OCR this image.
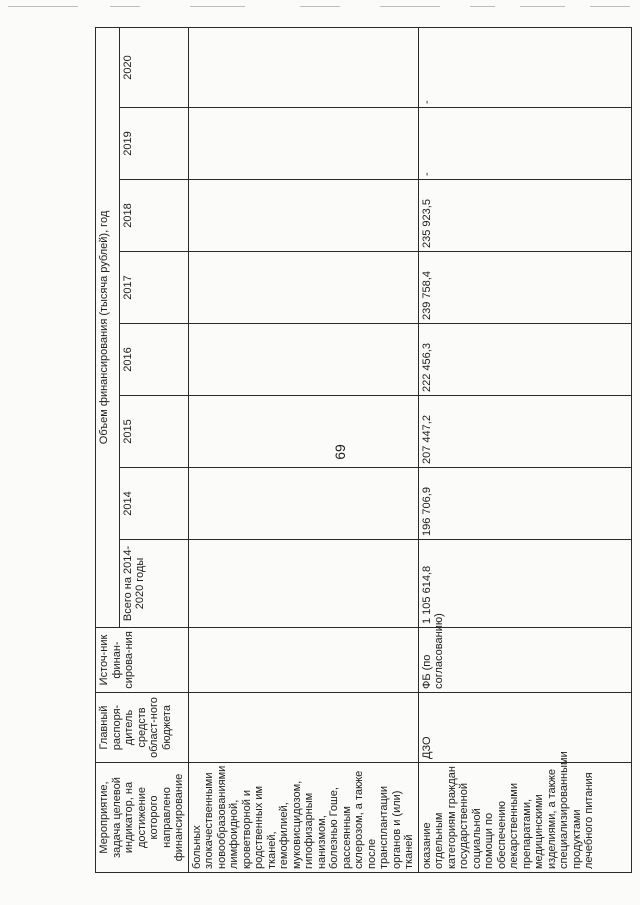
69
Мероприятие, задача целевой индикатор, на достижение которого направлено финансирование	Главный распоря-дитель средств област-ного бюджета	Источ-ник финан-сирова-ния	Объем финансирования (тысяча рублей), год							
			Всего на 2014-2020 годы	2014	2015	2016	2017	2018	2019	2020
больных злокачественными новообразованиями лимфоидной, кроветворной и родственных им тканей, гемофилией, муковисцидозом, гипофизарным нанизмом, болезнью Гоше, рассеянным склерозом, а также после трансплантации органов и (или) тканей										
оказание отдельным категориям граждан государственной социальной помощи по обеспечению лекарственными препаратами, медицинскими изделиями, а также специализированными продуктами лечебного питания	ДЗО	ФБ (по согласованию)	1 105 614,8	196 706,9	207 447,2	222 456,3	239 758,4	235 923,5	-	-
